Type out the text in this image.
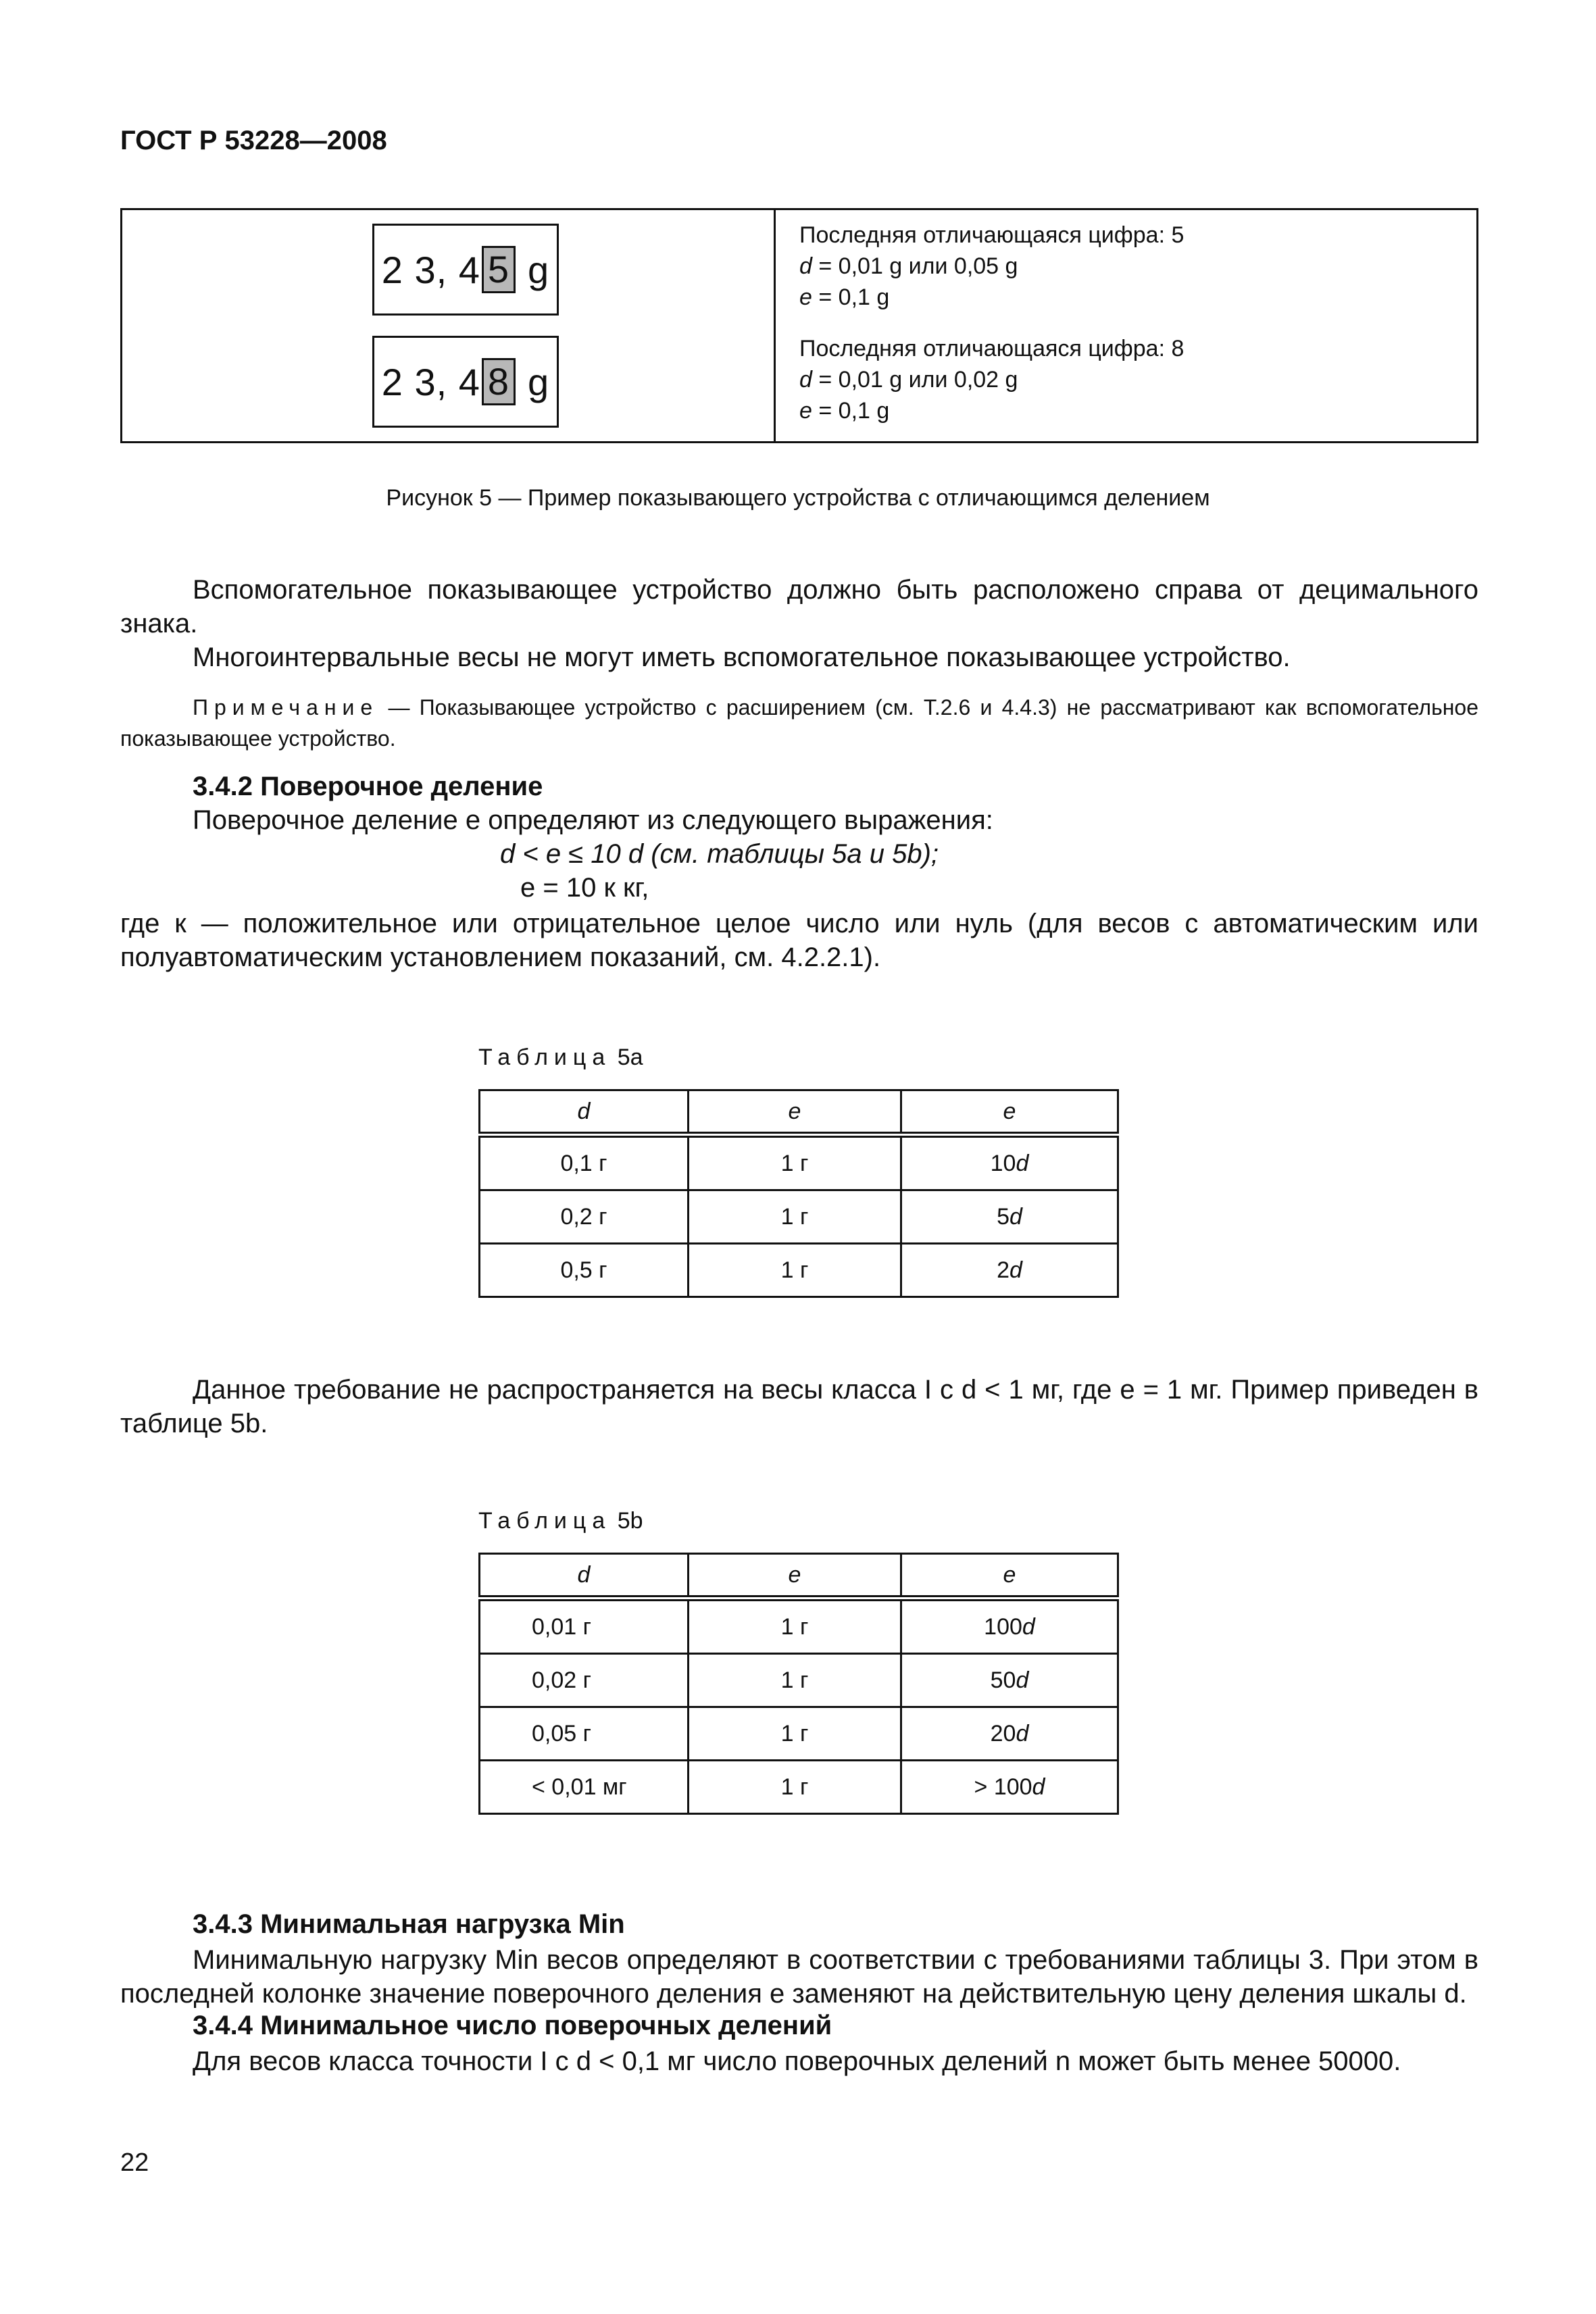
ГОСТ Р 53228—2008
2 3, 4 5 g
2 3, 4 8 g
Последняя отличающаяся цифра: 5
d = 0,01 g или 0,05 g
e = 0,1 g
Последняя отличающаяся цифра: 8
d = 0,01 g или 0,02 g
e = 0,1 g
Рисунок 5 — Пример показывающего устройства с отличающимся делением
Вспомогательное показывающее устройство должно быть расположено справа от децимального знака.
Многоинтервальные весы не могут иметь вспомогательное показывающее устройство.
Примечание — Показывающее устройство с расширением (см. Т.2.6 и 4.4.3) не рассматривают как вспомогательное показывающее устройство.
3.4.2 Поверочное деление
Поверочное деление e определяют из следующего выражения:
d < e ≤ 10 d (см. таблицы 5а и 5b);
e = 10 к кг,
где к — положительное или отрицательное целое число или нуль (для весов с автоматическим или полуавтоматическим установлением показаний, см. 4.2.2.1).
Таблица 5а
d	e	e
0,1 г	1 г	10d
0,2 г	1 г	5d
0,5 г	1 г	2d
Данное требование не распространяется на весы класса I с d < 1 мг, где e = 1 мг. Пример приведен в таблице 5b.
Таблица 5b
d	e	e
0,01 г	1 г	100d
0,02 г	1 г	50d
0,05 г	1 г	20d
< 0,01 мг	1 г	> 100d
3.4.3 Минимальная нагрузка Min
Минимальную нагрузку Min весов определяют в соответствии с требованиями таблицы 3. При этом в последней колонке значение поверочного деления e заменяют на действительную цену деления шкалы d.
3.4.4 Минимальное число поверочных делений
Для весов класса точности I с d < 0,1 мг число поверочных делений n может быть менее 50000.
22
